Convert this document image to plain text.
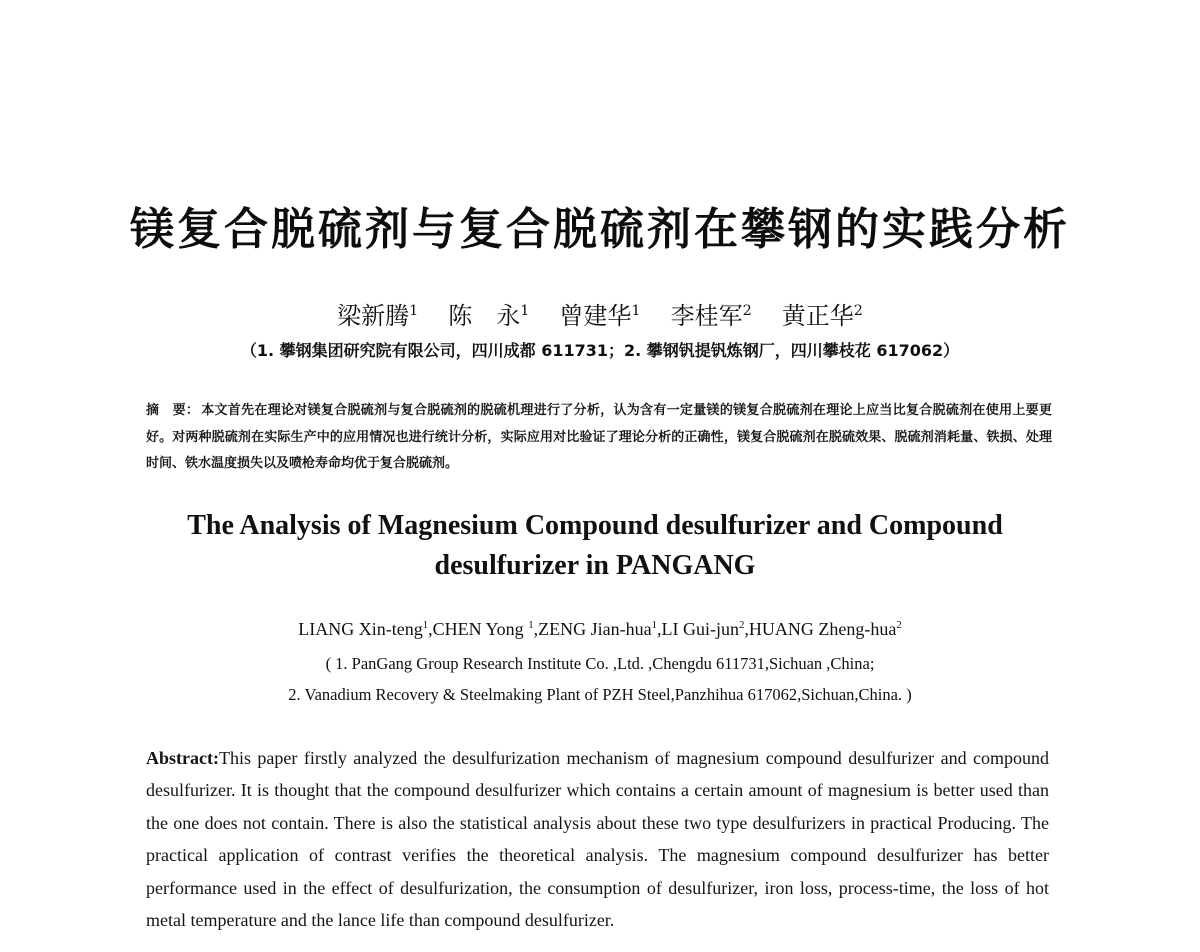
镁复合脱硫剂与复合脱硫剂在攀钢的实践分析
梁新腾$^1$ 陈　永$^1$ 曾建华$^1$ 李桂军$^2$ 黄正华$^2$
（1. 攀钢集团研究院有限公司，四川成都 611731；2. 攀钢钒提钒炼钢厂，四川攀枝花 617062）
摘　要： 本文首先在理论对镁复合脱硫剂与复合脱硫剂的脱硫机理进行了分析，认为含有一定量镁的镁复合脱硫剂在理论上应当比复合脱硫剂在使用上要更好。对两种脱硫剂在实际生产中的应用情况也进行统计分析，实际应用对比验证了理论分析的正确性，镁复合脱硫剂在脱硫效果、脱硫剂消耗量、铁损、处理时间、铁水温度损失以及喷枪寿命均优于复合脱硫剂。
The Analysis of Magnesium Compound desulfurizer and Compound
desulfurizer in PANGANG
LIANG Xin-teng$^1$,CHEN Yong $^1$,ZENG Jian-hua$^1$,LI Gui-jun$^2$,HUANG Zheng-hua$^2$
( 1. PanGang Group Research Institute Co. ,Ltd. ,Chengdu 611731,Sichuan ,China;
2. Vanadium Recovery & Steelmaking Plant of PZH Steel,Panzhihua 617062,Sichuan,China. )
Abstract:This paper firstly analyzed the desulfurization mechanism of magnesium compound desulfurizer and compound desulfurizer. It is thought that the compound desulfurizer which contains a certain amount of magnesium is better used than the one does not contain. There is also the statistical analysis about these two type desulfurizers in practical Producing. The practical application of contrast verifies the theoretical analysis. The magnesium compound desulfurizer has better performance used in the effect of desulfurization, the consumption of desulfurizer, iron loss, process-time, the loss of hot metal temperature and the lance life than compound desulfurizer.
